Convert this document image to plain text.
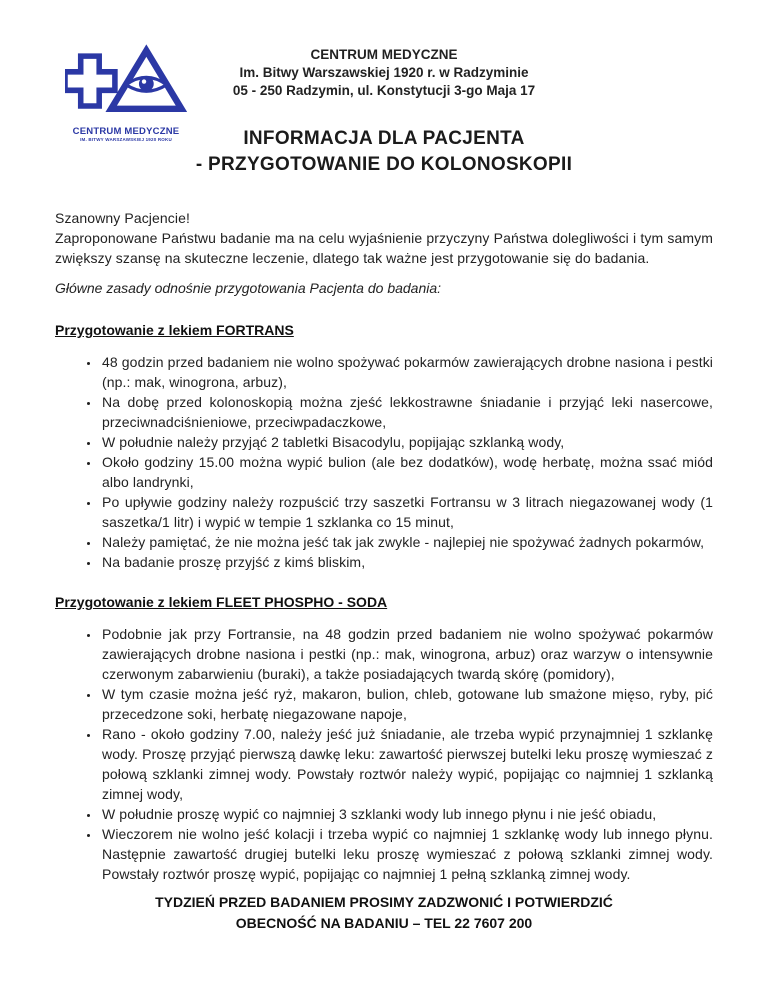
CENTRUM MEDYCZNE
IM. BITWY WARSZAWSKIEJ 1920 ROKU
CENTRUM MEDYCZNE
Im. Bitwy Warszawskiej 1920 r. w Radzyminie
05 - 250 Radzymin, ul. Konstytucji 3-go Maja 17
INFORMACJA DLA PACJENTA
- PRZYGOTOWANIE DO KOLONOSKOPII

Szanowny Pacjencie!

Zaproponowane Państwu badanie ma na celu wyjaśnienie przyczyny Państwa dolegliwości i tym samym zwiększy szansę na skuteczne leczenie, dlatego tak ważne jest przygotowanie się do badania.

Główne zasady odnośnie przygotowania Pacjenta do badania:

Przygotowanie z lekiem FORTRANS
• 48 godzin przed badaniem nie wolno spożywać pokarmów zawierających drobne nasiona i pestki (np.: mak, winogrona, arbuz),
• Na dobę przed kolonoskopią można zjeść lekkostrawne śniadanie i przyjąć leki nasercowe, przeciwnadciśnieniowe, przeciwpadaczkowe,
• W południe należy przyjąć 2 tabletki Bisacodylu, popijając szklanką wody,
• Około godziny 15.00 można wypić bulion (ale bez dodatków), wodę herbatę, można ssać miód albo landrynki,
• Po upływie godziny należy rozpuścić trzy saszetki Fortransu w 3 litrach niegazowanej wody (1 saszetka/1 litr) i wypić w tempie 1 szklanka co 15 minut,
• Należy pamiętać, że nie można jeść tak jak zwykle - najlepiej nie spożywać żadnych pokarmów,
• Na badanie proszę przyjść z kimś bliskim,
Przygotowanie z lekiem FLEET PHOSPHO - SODA
• Podobnie jak przy Fortransie, na 48 godzin przed badaniem nie wolno spożywać pokarmów zawierających drobne nasiona i pestki (np.: mak, winogrona, arbuz) oraz warzyw o intensywnie czerwonym zabarwieniu (buraki), a także posiadających twardą skórę (pomidory),
• W tym czasie można jeść ryż, makaron, bulion, chleb, gotowane lub smażone mięso, ryby, pić przecedzone soki, herbatę niegazowane napoje,
• Rano - około godziny 7.00, należy jeść już śniadanie, ale trzeba wypić przynajmniej 1 szklankę wody. Proszę przyjąć pierwszą dawkę leku: zawartość pierwszej butelki leku proszę wymieszać z połową szklanki zimnej wody. Powstały roztwór należy wypić, popijając co najmniej 1 szklanką zimnej wody,
• W południe proszę wypić co najmniej 3 szklanki wody lub innego płynu i nie jeść obiadu,
• Wieczorem nie wolno jeść kolacji i trzeba wypić co najmniej 1 szklankę wody lub innego płynu. Następnie zawartość drugiej butelki leku proszę wymieszać z połową szklanki zimnej wody. Powstały roztwór proszę wypić, popijając co najmniej 1 pełną szklanką zimnej wody.
TYDZIEŃ PRZED BADANIEM PROSIMY ZADZWONIĆ I POTWIERDZIĆ
OBECNOŚĆ NA BADANIU – TEL 22 7607 200
